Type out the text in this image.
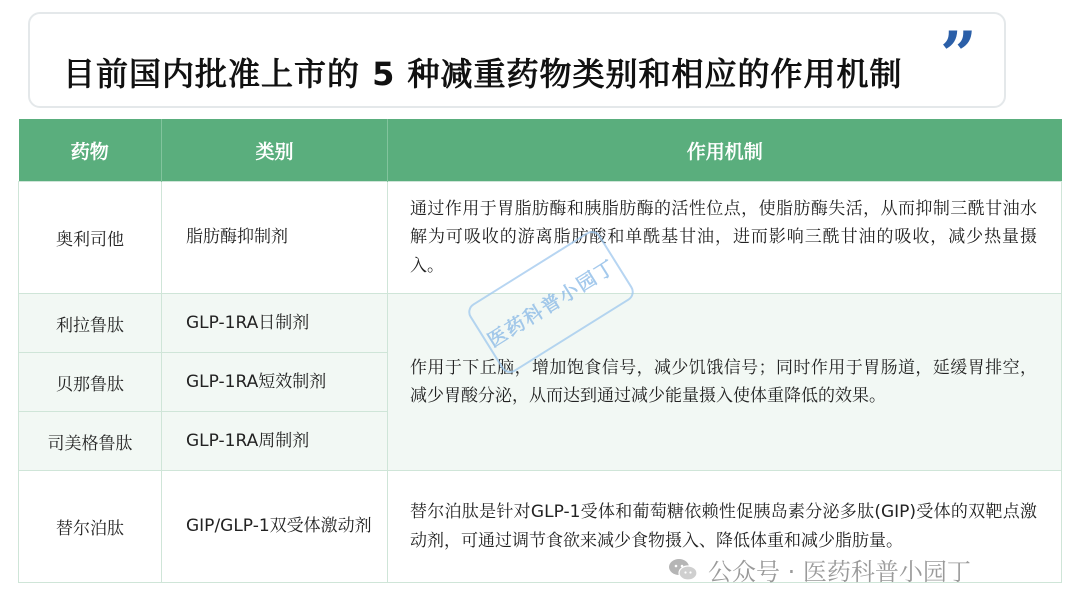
目前国内批准上市的 5 种减重药物类别和相应的作用机制 ”
药物	类别	作用机制
奥利司他	脂肪酶抑制剂	通过作用于胃脂肪酶和胰脂肪酶的活性位点，使脂肪酶失活，从而抑制三酰甘油水解为可吸收的游离脂肪酸和单酰基甘油，进而影响三酰甘油的吸收，减少热量摄入。
利拉鲁肽	GLP-1RA日制剂	作用于下丘脑，增加饱食信号，减少饥饿信号；同时作用于胃肠道，延缓胃排空，减少胃酸分泌，从而达到通过减少能量摄入使体重降低的效果。
贝那鲁肽	GLP-1RA短效制剂	
司美格鲁肽	GLP-1RA周制剂	
替尔泊肽	GIP/GLP-1双受体激动剂	替尔泊肽是针对GLP-1受体和葡萄糖依赖性促胰岛素分泌多肽(GIP)受体的双靶点激动剂，可通过调节食欲来减少食物摄入、降低体重和减少脂肪量。
医药科普小园丁
公众号 · 医药科普小园丁
